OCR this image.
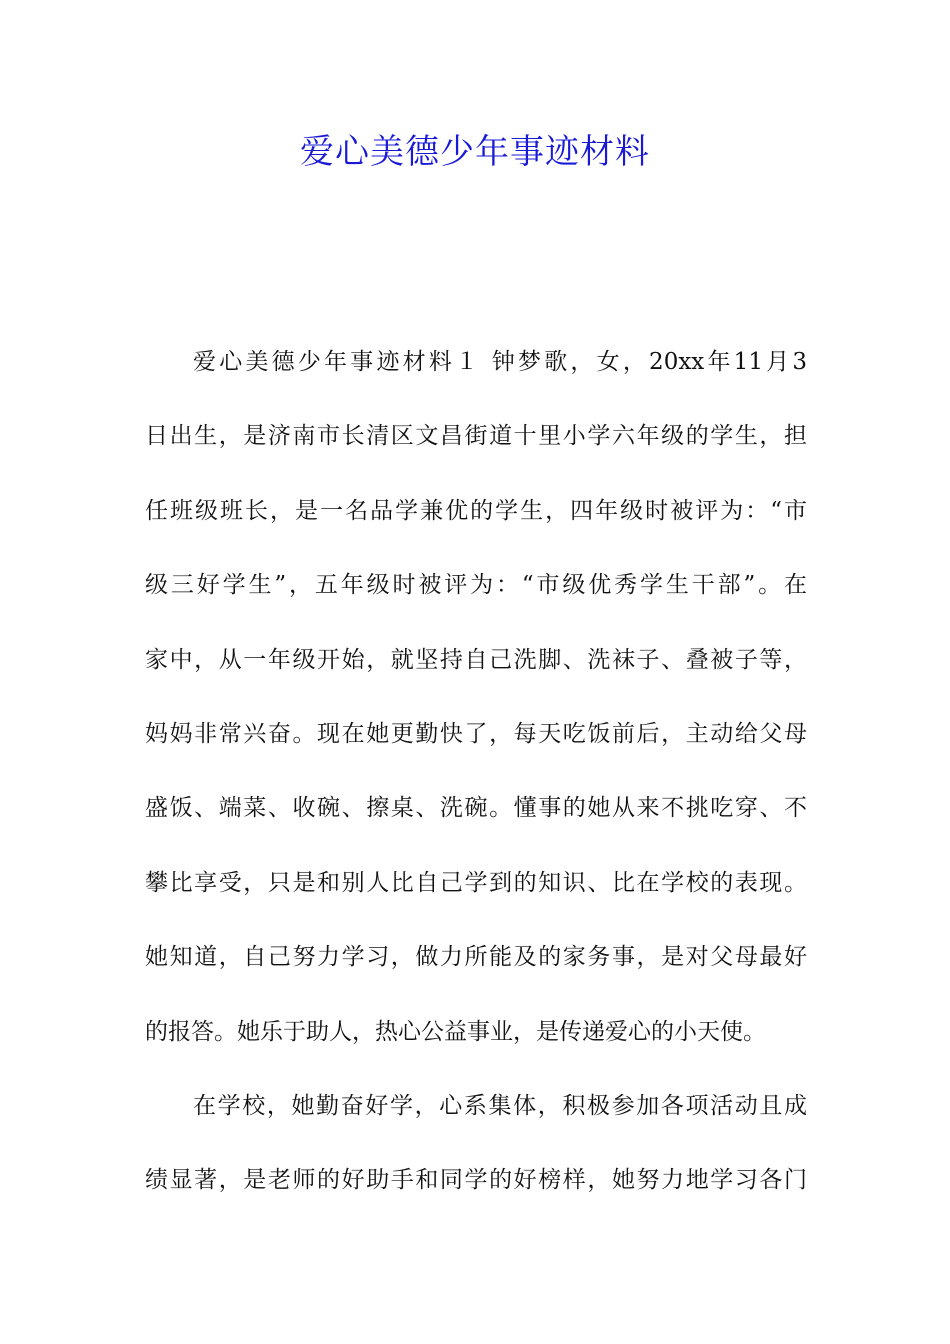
爱心美德少年事迹材料
爱心美德少年事迹材料１ 钟梦歌，女，20xx年11月3
日出生，是济南市长清区文昌街道十里小学六年级的学生，担
任班级班长，是一名品学兼优的学生，四年级时被评为：“市
级三好学生”，五年级时被评为：“市级优秀学生干部”。在
家中，从一年级开始，就坚持自己洗脚、洗袜子、叠被子等，
妈妈非常兴奋。现在她更勤快了，每天吃饭前后，主动给父母
盛饭、端菜、收碗、擦桌、洗碗。懂事的她从来不挑吃穿、不
攀比享受，只是和别人比自己学到的知识、比在学校的表现。
她知道，自己努力学习，做力所能及的家务事，是对父母最好
的报答。她乐于助人，热心公益事业，是传递爱心的小天使。
在学校，她勤奋好学，心系集体，积极参加各项活动且成
绩显著，是老师的好助手和同学的好榜样，她努力地学习各门
